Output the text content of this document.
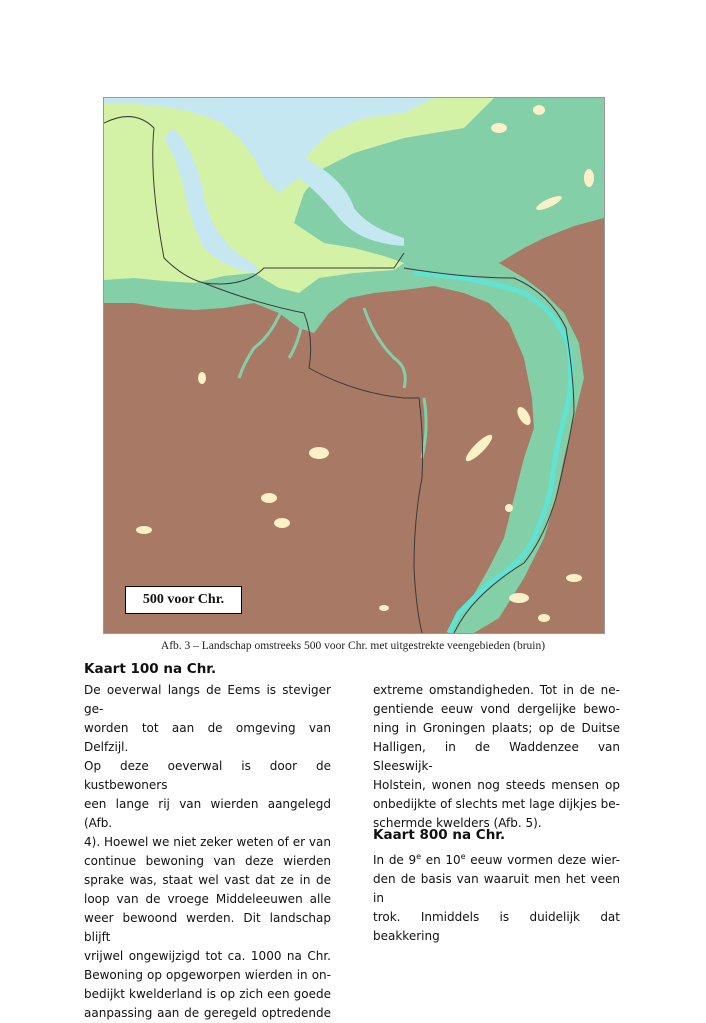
500 voor Chr.
Afb. 3 – Landschap omstreeks 500 voor Chr. met uitgestrekte veengebieden (bruin)
Kaart 100 na Chr.

De oeverwal langs de Eems is steviger ge-

worden tot aan de omgeving van Delfzijl.

Op deze oeverwal is door de kustbewoners

een lange rij van wierden aangelegd (Afb.

4). Hoewel we niet zeker weten of er van

continue bewoning van deze wierden

sprake was, staat wel vast dat ze in de

loop van de vroege Middeleeuwen alle

weer bewoond werden. Dit landschap blijft

vrijwel ongewijzigd tot ca. 1000 na Chr.

Bewoning op opgeworpen wierden in on-

bedijkt kwelderland is op zich een goede

aanpassing aan de geregeld optredende

extreme omstandigheden. Tot in de ne-

gentiende eeuw vond dergelijke bewo-

ning in Groningen plaats; op de Duitse

Halligen, in de Waddenzee van Sleeswijk-

Holstein, wonen nog steeds mensen op

onbedijkte of slechts met lage dijkjes be-

schermde kwelders (Afb. 5).

Kaart 800 na Chr.

In de 9e en 10e eeuw vormen deze wier-

den de basis van waaruit men het veen in

trok. Inmiddels is duidelijk dat beakkering
